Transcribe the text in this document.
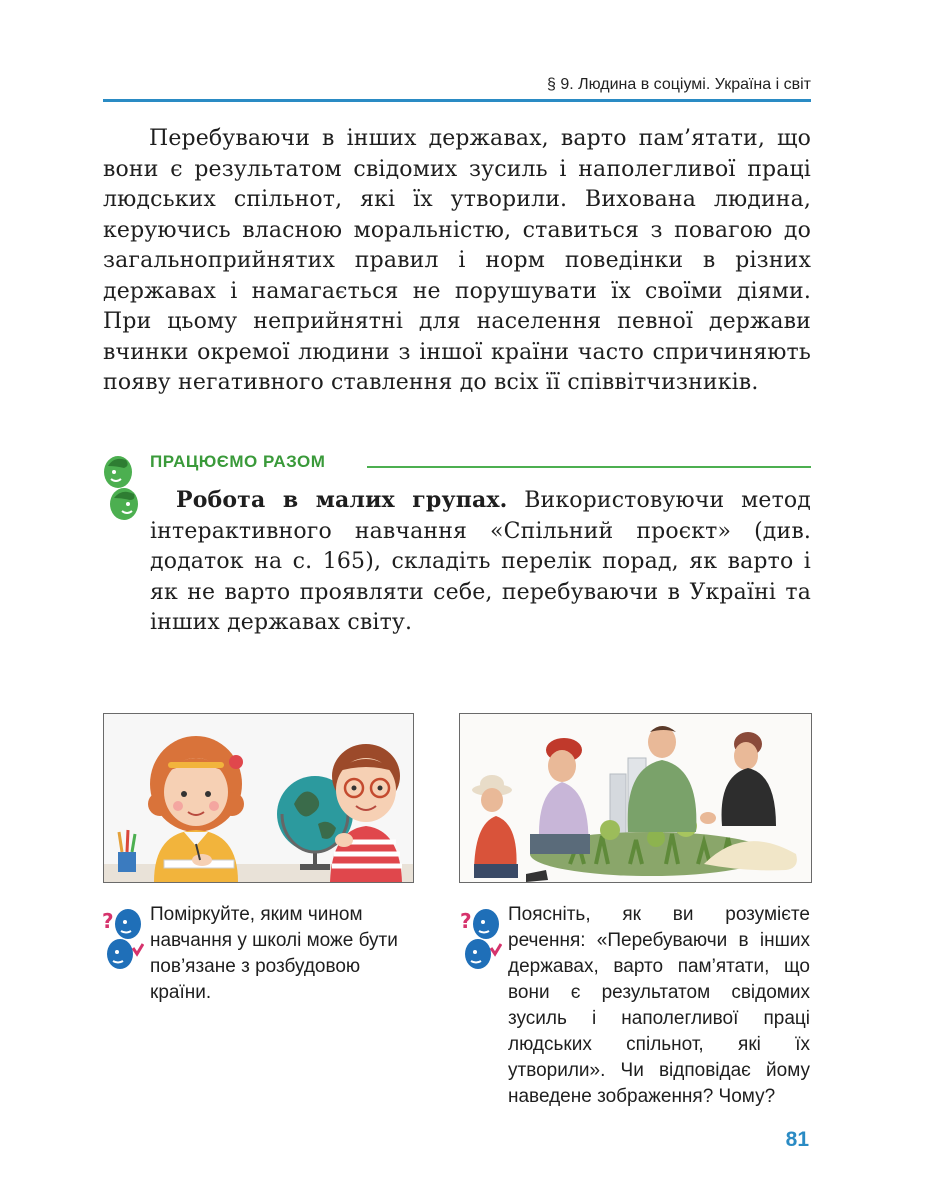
§ 9. Людина в соціумі. Україна і світ
Перебуваючи в інших державах, варто пам’ятати, що вони є результатом свідомих зусиль і наполегливої праці людських спільнот, які їх утворили. Вихована людина, керуючись власною моральністю, ставиться з повагою до загальноприйнятих правил і норм поведінки в різних державах і намагається не порушувати їх своїми діями. При цьому неприйнятні для населення певної держави вчинки окремої людини з іншої країни часто спричиняють появу негативного ставлення до всіх її співвітчизників.
ПРАЦЮЄМО РАЗОМ
Робота в малих групах. Використовуючи метод інтерактивного навчання «Спільний проєкт» (див. додаток на с. 165), складіть перелік порад, як варто і як не варто проявляти себе, перебуваючи в Україні та інших державах світу.
? Поміркуйте, яким чином навчання у школі може бути пов’язане з розбудовою країни.
? Поясніть, як ви розумієте речення: «Перебуваючи в інших державах, варто пам’ятати, що вони є результатом свідомих зусиль і наполегливої праці людських спільнот, які їх утворили». Чи відповідає йому наведене зображення? Чому?
81
